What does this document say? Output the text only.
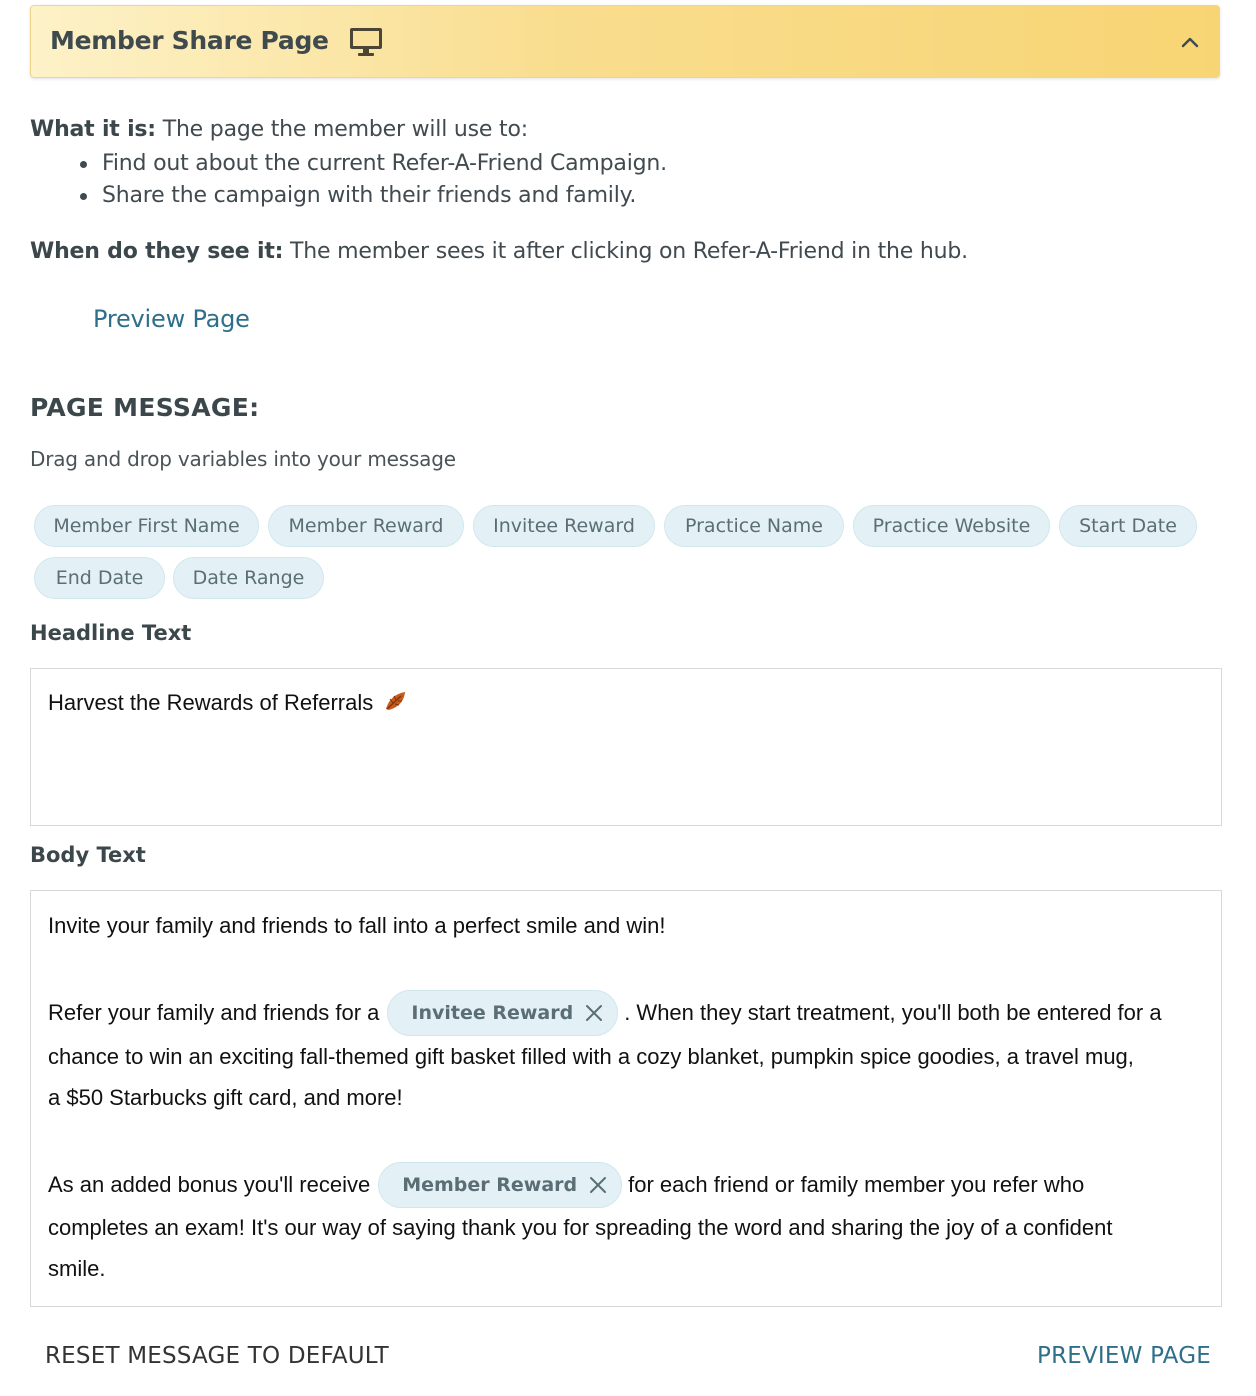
Member Share Page
What it is: The page the member will use to:
Find out about the current Refer-A-Friend Campaign.
Share the campaign with their friends and family.
When do they see it: The member sees it after clicking on Refer-A-Friend in the hub.
Preview Page
PAGE MESSAGE:
Drag and drop variables into your message
Member First Name	Member Reward	Invitee Reward	Practice Name	Practice Website	Start Date
End Date	Date Range
Headline Text
Harvest the Rewards of Referrals
Body Text
Invite your family and friends to fall into a perfect smile and win!
Refer your family and friends for a Invitee Reward . When they start treatment, you'll both be entered for a
chance to win an exciting fall-themed gift basket filled with a cozy blanket, pumpkin spice goodies, a travel mug,
a $50 Starbucks gift card, and more!
As an added bonus you'll receive Member Reward for each friend or family member you refer who
completes an exam! It's our way of saying thank you for spreading the word and sharing the joy of a confident
smile.
RESET MESSAGE TO DEFAULT	PREVIEW PAGE
